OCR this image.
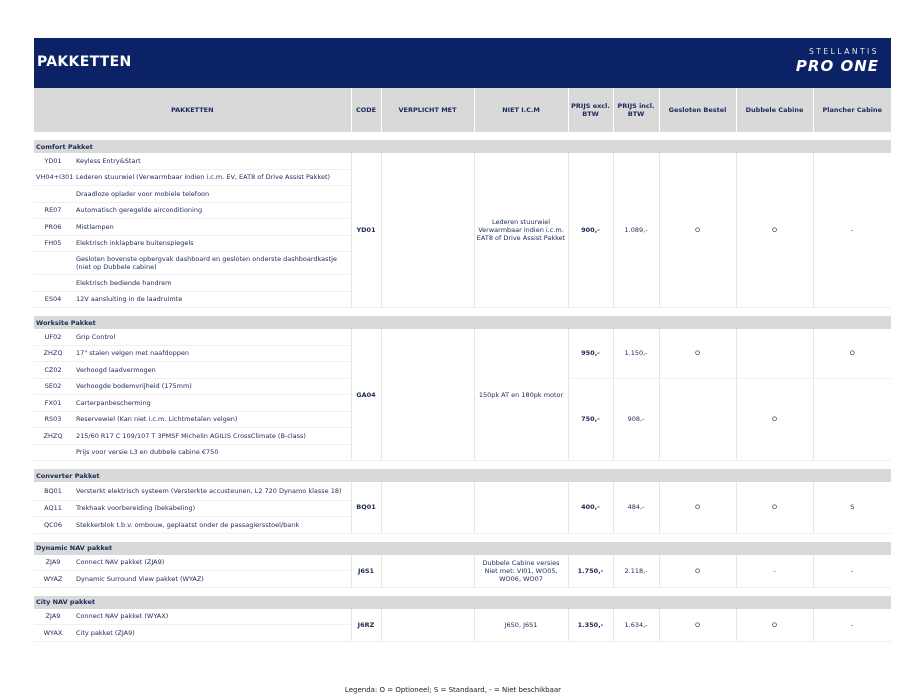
PAKKETTEN
STELLANTIS
PRO ONE
PAKKETTEN		CODE	VERPLICHT MET	NIET I.C.M	PRIJS excl. BTW	PRIJS incl. BTW	Gesloten Bestel	Dubbele Cabine	Plancher Cabine

Comfort Pakket									
YD01	Keyless Entry&Start	YD01		Lederen stuurwiel Verwarmbaar indien i.c.m. EAT8 of Drive Assist Pakket	900,-	1.089,-	O	O	-
VH04+I301	Lederen stuurwiel (Verwarmbaar indien i.c.m. EV, EAT8 of Drive Assist Pakket)								
	Draadloze oplader voor mobiele telefoon								
RE07	Automatisch geregelde airconditioning								
PR06	Mistlampen								
FH05	Elektrisch inklapbare buitenspiegels								
	Gesloten bovenste opbergvak dashboard en gesloten onderste dashboardkastje (niet op Dubbele cabine)								
	Elektrisch bediende handrem								
ES04	12V aansluiting in de laadruimte								

Worksite Pakket									
UF02	Grip Control	GA04		150pk AT en 180pk motor	950,-	1.150,-	O		O
ZHZQ	17" stalen velgen met naafdoppen								
CZ02	Verhoogd laadvermogen								
SE02	Verhoogde bodemvrijheid (175mm)				750,-	908,-		O	
FX01	Carterpanbescherming								
RS03	Reservewiel (Kan niet i.c.m. Lichtmetalen velgen)								
ZHZQ	215/60 R17 C 109/107 T 3PMSF Michelin AGILIS CrossClimate (B-class)								
	Prijs voor versie L3 en dubbele cabine €750								

Converter Pakket									
BQ01	Versterkt elektrisch systeem (Versterkte accusteunen, L2 720 Dynamo klasse 18)	BQ01			400,-	484,-	O	O	S
AQ11	Trekhaak voorbereiding (bekabeling)								
QC06	Stekkerblok t.b.v. ombouw, geplaatst onder de passagiersstoel/bank								

Dynamic NAV pakket									
ZJA9	Connect NAV pakket (ZJA9)	J6S1		Dubbele Cabine versies Niet met: VI01, WO05, WO06, WO07	1.750,-	2.118,-	O	-	-
WYAZ	Dynamic Surround View pakket (WYAZ)								

City NAV pakket									
ZJA9	Connect NAV pakket (WYAX)	J6RZ		J6S0, J6S1	1.350,-	1.634,-	O	O	-
WYAX	City pakket (ZJA9)								
Legenda: O = Optioneel; S = Standaard, - = Niet beschikbaar
